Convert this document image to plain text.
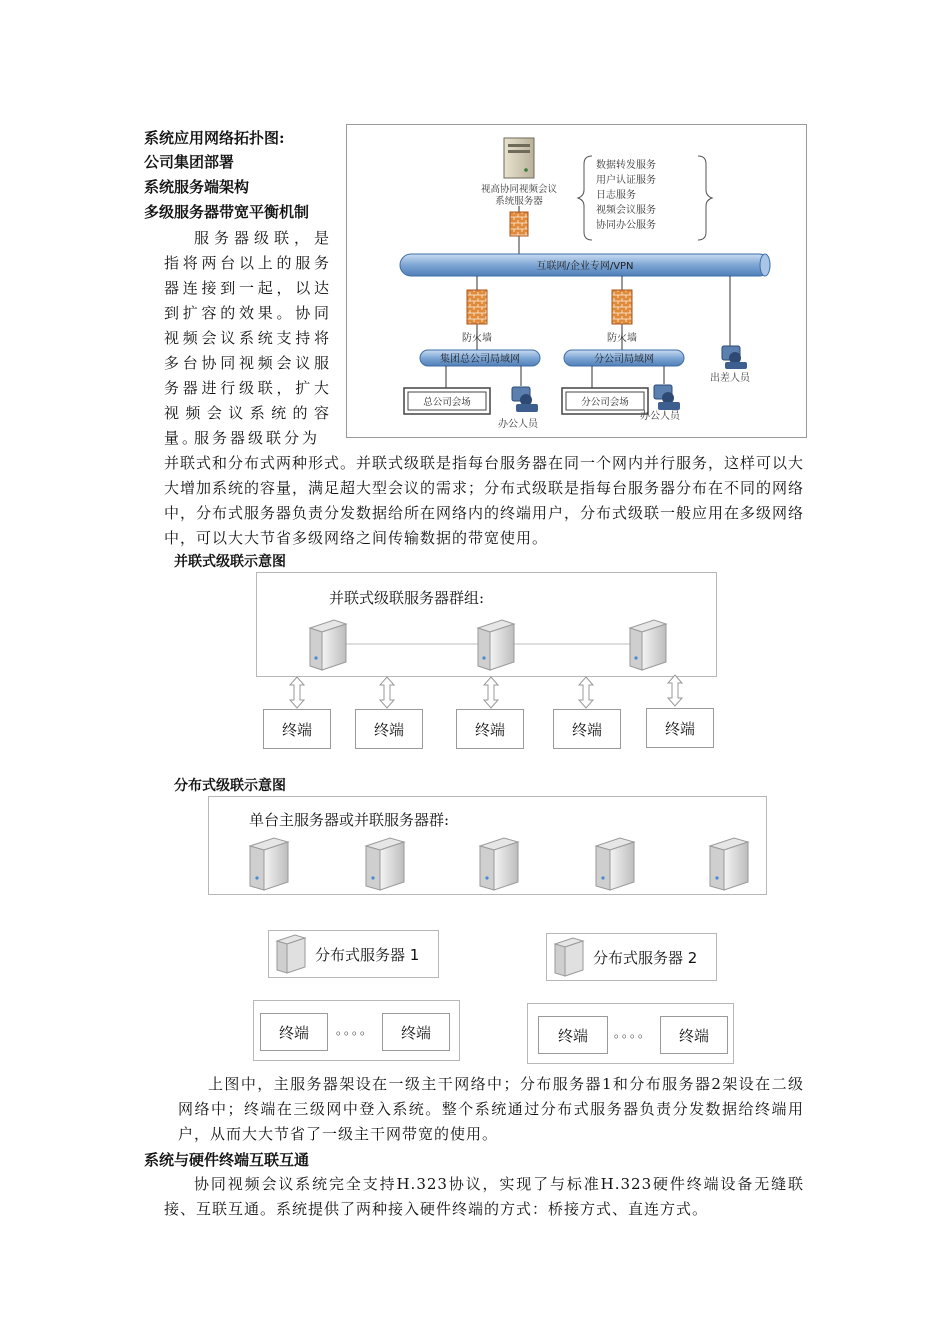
系统应用网络拓扑图:
公司集团部署
系统服务端架构
多级服务器带宽平衡机制
服务器级联，是指将两台以上的服务器连接到一起，以达到扩容的效果。协同视频会议系统支持将多台协同视频会议服务器进行级联，扩大视频会议系统的容量。
服务器级联分为
并联式和分布式两种形式。并联式级联是指每台服务器在同一个网内并行服务，这样可以大大增加系统的容量，满足超大型会议的需求；分布式级联是指每台服务器分布在不同的网络中，分布式服务器负责分发数据给所在网络内的终端用户，分布式级联一般应用在多级网络中，可以大大节省多级网络之间传输数据的带宽使用。
视高协同视频会议
系统服务器
数据转发服务
用户认证服务
日志服务
视频会议服务
协同办公服务
互联网/企业专网/VPN
防火墙	防火墙
集团总公司局域网	分公司局域网
总公司会场	分公司会场
办公人员
办公人员
出差人员
并联式级联示意图
并联式级联服务器群组:
终端	终端	终端	终端	终端
分布式级联示意图
单台主服务器或并联服务器群:
分布式服务器 1	分布式服务器 2
终端	。。。。	终端	终端	。。。。	终端
上图中，主服务器架设在一级主干网络中；分布服务器1和分布服务器2架设在二级网络中；终端在三级网中登入系统。整个系统通过分布式服务器负责分发数据给终端用户，从而大大节省了一级主干网带宽的使用。
系统与硬件终端互联互通
协同视频会议系统完全支持H.323协议，实现了与标准H.323硬件终端设备无缝联接、互联互通。系统提供了两种接入硬件终端的方式：桥接方式、直连方式。
